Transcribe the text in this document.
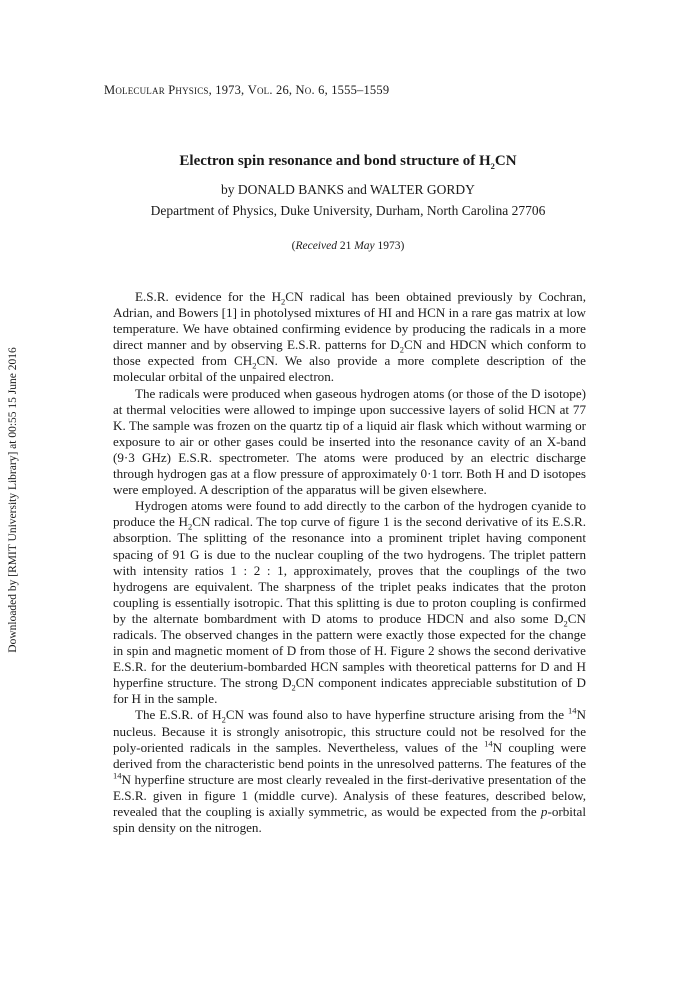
Molecular Physics, 1973, Vol. 26, No. 6, 1555–1559
Electron spin resonance and bond structure of $H_2CN$
by DONALD BANKS and WALTER GORDY
Department of Physics, Duke University, Durham, North Carolina 27706
(Received 21 May 1973)
Downloaded by [RMIT University Library] at 00:55 15 June 2016

E.S.R. evidence for the $H_2CN$ radical has been obtained previously by Cochran, Adrian, and Bowers [1] in photolysed mixtures of HI and HCN in a rare gas matrix at low temperature. We have obtained confirming evidence by producing the radicals in a more direct manner and by observing E.S.R. patterns for $D_2CN$ and HDCN which conform to those expected from $CH_2CN$. We also provide a more complete description of the molecular orbital of the unpaired electron.

The radicals were produced when gaseous hydrogen atoms (or those of the D isotope) at thermal velocities were allowed to impinge upon successive layers of solid HCN at 77 K. The sample was frozen on the quartz tip of a liquid air flask which without warming or exposure to air or other gases could be inserted into the resonance cavity of an X-band (9·3 GHz) E.S.R. spectrometer. The atoms were produced by an electric discharge through hydrogen gas at a flow pressure of approximately 0·1 torr. Both H and D isotopes were employed. A description of the apparatus will be given elsewhere.

Hydrogen atoms were found to add directly to the carbon of the hydrogen cyanide to produce the $H_2CN$ radical. The top curve of figure 1 is the second derivative of its E.S.R. absorption. The splitting of the resonance into a prominent triplet having component spacing of 91 G is due to the nuclear coupling of the two hydrogens. The triplet pattern with intensity ratios 1 : 2 : 1, approximately, proves that the couplings of the two hydrogens are equivalent. The sharpness of the triplet peaks indicates that the proton coupling is essentially isotropic. That this splitting is due to proton coupling is confirmed by the alternate bombardment with D atoms to produce HDCN and also some $D_2CN$ radicals. The observed changes in the pattern were exactly those expected for the change in spin and magnetic moment of D from those of H. Figure 2 shows the second derivative E.S.R. for the deuterium-bombarded HCN samples with theoretical patterns for D and H hyperfine structure. The strong $D_2CN$ component indicates appreciable substitution of D for H in the sample.

The E.S.R. of $H_2CN$ was found also to have hyperfine structure arising from the $^{14}$N nucleus. Because it is strongly anisotropic, this structure could not be resolved for the poly-oriented radicals in the samples. Nevertheless, values of the $^{14}$N coupling were derived from the characteristic bend points in the unresolved patterns. The features of the $^{14}$N hyperfine structure are most clearly revealed in the first-derivative presentation of the E.S.R. given in figure 1 (middle curve). Analysis of these features, described below, revealed that the coupling is axially symmetric, as would be expected from the p-orbital spin density on the nitrogen.
